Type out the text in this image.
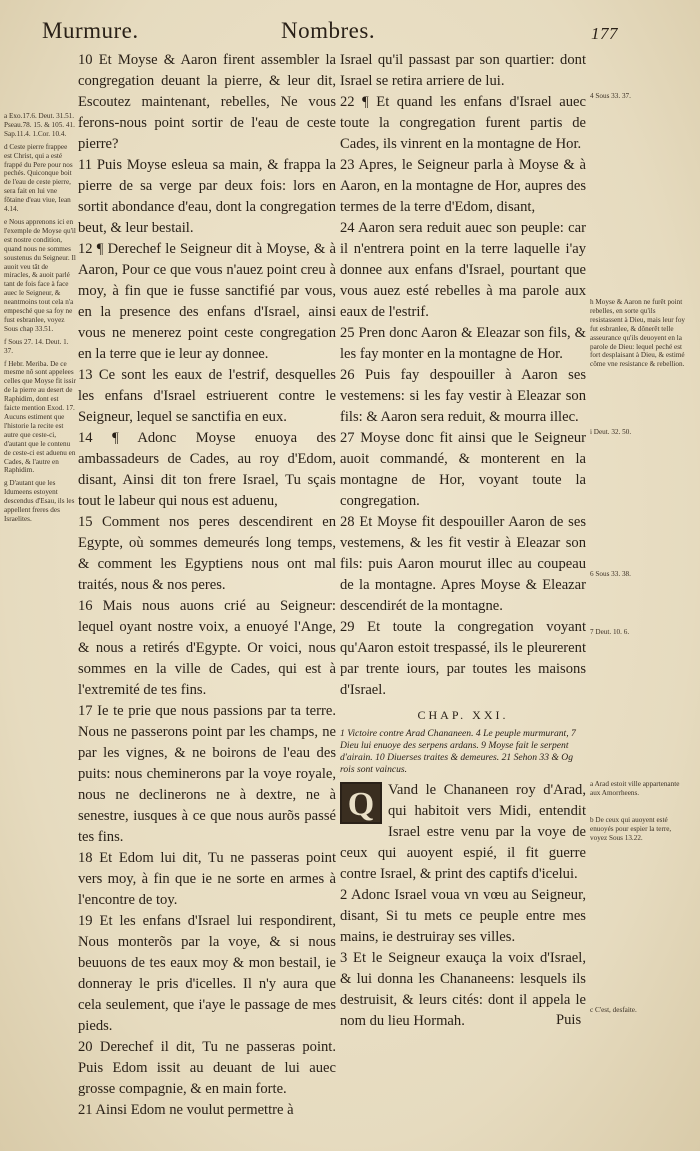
Murmure.	Nombres.	177

a Exo.17.6. Deut. 31.51. Pseau.78. 15. & 105. 41. Sap.11.4. 1.Cor. 10.4.

d Ceste pierre frappee est Christ, qui a esté frappé du Pere pour nos pechés. Quiconque boit de l'eau de ceste pierre, sera fait en lui vne fõtaine d'eau viue, Iean 4.14.

e Nous apprenons ici en l'exemple de Moyse qu'il est nostre condition, quand nous ne sommes soustenus du Seigneur. Il auoit veu tât de miracles, & auoit parlé tant de fois face à face auec le Seigneur, & neantmoins tout cela n'a empesché que sa foy ne fust esbranlee, voyez Sous chap 33.51.

f Sous 27. 14. Deut. 1. 37.

f Hebr. Meriba. De ce mesme nõ sont appelees celles que Moyse fit issir de la pierre au desert de Raphidim, dont est faicte mention Exod. 17. Aucuns estiment que l'historie la recite est autre que ceste-ci, d'autant que le contenu de ceste-ci est aduenu en Cades, & l'autre en Raphidim.

g D'autant que les Idumeens estoyent descendus d'Esau, ils les appellent freres des Israelites.

10 Et Moyse & Aaron firent assembler la congregation deuant la pierre, & leur dit, Escoutez maintenant, rebelles, Ne vous ferons-nous point sortir de l'eau de ceste pierre?

11 Puis Moyse esleua sa main, & frappa la pierre de sa verge par deux fois: lors en sortit abondance d'eau, dont la congregation beut, & leur bestail.

12 ¶ Derechef le Seigneur dit à Moyse, & à Aaron, Pour ce que vous n'auez point creu à moy, à fin que ie fusse sanctifié par vous, en la presence des enfans d'Israel, ainsi vous ne menerez point ceste congregation en la terre que ie leur ay donnee.

13 Ce sont les eaux de l'estrif, desquelles les enfans d'Israel estriuerent contre le Seigneur, lequel se sanctifia en eux.

14 ¶ Adonc Moyse enuoya des ambassadeurs de Cades, au roy d'Edom, disant, Ainsi dit ton frere Israel, Tu sçais tout le labeur qui nous est aduenu,

15 Comment nos peres descendirent en Egypte, où sommes demeurés long temps, & comment les Egyptiens nous ont mal traités, nous & nos peres.

16 Mais nous auons crié au Seigneur: lequel oyant nostre voix, a enuoyé l'Ange, & nous a retirés d'Egypte. Or voici, nous sommes en la ville de Cades, qui est à l'extremité de tes fins.

17 Ie te prie que nous passions par ta terre. Nous ne passerons point par les champs, ne par les vignes, & ne boirons de l'eau des puits: nous cheminerons par la voye royale, nous ne declinerons ne à dextre, ne à senestre, iusques à ce que nous aurõs passé tes fins.

18 Et Edom lui dit, Tu ne passeras point vers moy, à fin que ie ne sorte en armes à l'encontre de toy.

19 Et les enfans d'Israel lui respondirent, Nous monterõs par la voye, & si nous beuuons de tes eaux moy & mon bestail, ie donneray le pris d'icelles. Il n'y aura que cela seulement, que i'aye le passage de mes pieds.

20 Derechef il dit, Tu ne passeras point. Puis Edom issit au deuant de lui auec grosse compagnie, & en main forte.

21 Ainsi Edom ne voulut permettre à

Israel qu'il passast par son quartier: dont Israel se retira arriere de lui.

22 ¶ Et quand les enfans d'Israel auec toute la congregation furent partis de Cades, ils vinrent en la montagne de Hor.

23 Apres, le Seigneur parla à Moyse & à Aaron, en la montagne de Hor, aupres des termes de la terre d'Edom, disant,

24 Aaron sera reduit auec son peuple: car il n'entrera point en la terre laquelle i'ay donnee aux enfans d'Israel, pourtant que vous auez esté rebelles à ma parole aux eaux de l'estrif.

25 Pren donc Aaron & Eleazar son fils, & les fay monter en la montagne de Hor.

26 Puis fay despouiller à Aaron ses vestemens: si les fay vestir à Eleazar son fils: & Aaron sera reduit, & mourra illec.

27 Moyse donc fit ainsi que le Seigneur auoit commandé, & monterent en la montagne de Hor, voyant toute la congregation.

28 Et Moyse fit despouiller Aaron de ses vestemens, & les fit vestir à Eleazar son fils: puis Aaron mourut illec au coupeau de la montagne. Apres Moyse & Eleazar descendirét de la montagne.

29 Et toute la congregation voyant qu'Aaron estoit trespassé, ils le pleurerent par trente iours, par toutes les maisons d'Israel.

CHAP. XXI.
1 Victoire contre Arad Chananeen. 4 Le peuple murmurant, 7 Dieu lui enuoye des serpens ardans. 9 Moyse fait le serpent d'airain. 10 Diuerses traites & demeures. 21 Sehon 33 & Og rois sont vaincus.

Q Vand le Chananeen roy d'Arad, qui habitoit vers Midi, entendit Israel estre venu par la voye de ceux qui auoyent espié, il fit guerre contre Israel, & print des captifs d'icelui.

2 Adonc Israel voua vn vœu au Seigneur, disant, Si tu mets ce peuple entre mes mains, ie destruiray ses villes.

3 Et le Seigneur exauça la voix d'Israel, & lui donna les Chananeens: lesquels ils destruisit, & leurs cités: dont il appela le nom du lieu Hormah.

4 Sous 33. 37.
h Moyse & Aaron ne furẽt point rebelles, en sorte qu'ils resistassent à Dieu, mais leur foy fut esbranlee, & dõnerẽt telle asseurance qu'ils deuoyent en la parole de Dieu: lequel peché est fort desplaisant à Dieu, & estimé cõme vne resistance & rebellion.
i Deut. 32. 50.
6 Sous 33. 38.
7 Deut. 10. 6.
a Arad estoit ville appartenante aux Amorrheens.
b De ceux qui auoyent esté enuoyés pour espier la terre, voyez Sous 13.22.
c C'est, desfaite.
Puis
